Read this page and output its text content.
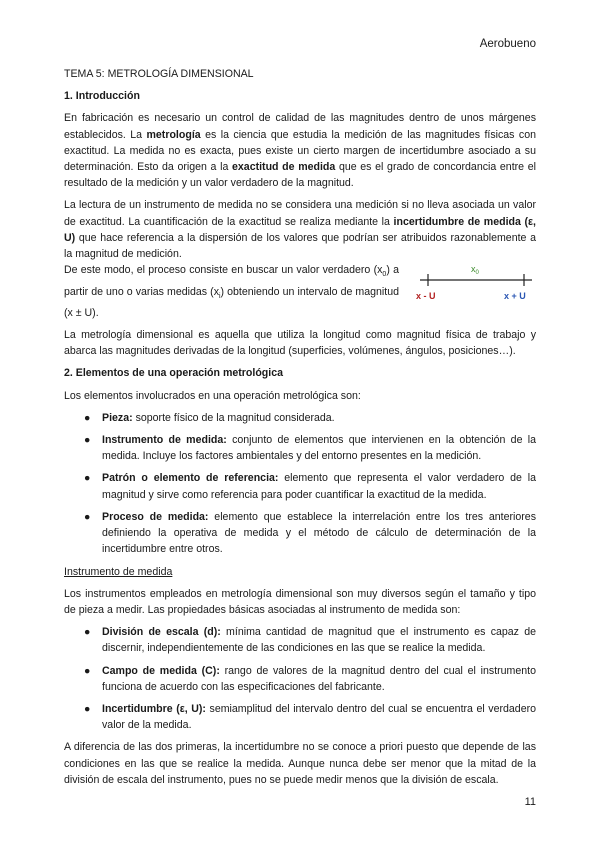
Aerobueno

TEMA 5: METROLOGÍA DIMENSIONAL

1. Introducción

En fabricación es necesario un control de calidad de las magnitudes dentro de unos márgenes establecidos. La metrología es la ciencia que estudia la medición de las magnitudes físicas con exactitud. La medida no es exacta, pues existe un cierto margen de incertidumbre asociado a su determinación. Esto da origen a la exactitud de medida que es el grado de concordancia entre el resultado de la medición y un valor verdadero de la magnitud.

La lectura de un instrumento de medida no se considera una medición si no lleva asociada un valor de exactitud. La cuantificación de la exactitud se realiza mediante la incertidumbre de medida (ε, U) que hace referencia a la dispersión de los valores que podrían ser atribuidos razonablemente a la magnitud de medición.

De este modo, el proceso consiste en buscar un valor verdadero $(x_0)$ a partir de uno o varias medidas $(x_i)$ obteniendo un intervalo de magnitud (x ± U).

$x_0$
x - U	x + U

La metrología dimensional es aquella que utiliza la longitud como magnitud física de trabajo y abarca las magnitudes derivadas de la longitud (superficies, volúmenes, ángulos, posiciones…).

2. Elementos de una operación metrológica

Los elementos involucrados en una operación metrológica son:

● Pieza: soporte físico de la magnitud considerada.
● Instrumento de medida: conjunto de elementos que intervienen en la obtención de la medida. Incluye los factores ambientales y del entorno presentes en la medición.
● Patrón o elemento de referencia: elemento que representa el valor verdadero de la magnitud y sirve como referencia para poder cuantificar la exactitud de la medida.
● Proceso de medida: elemento que establece la interrelación entre los tres anteriores definiendo la operativa de medida y el método de cálculo de determinación de la incertidumbre entre otros.

Instrumento de medida

Los instrumentos empleados en metrología dimensional son muy diversos según el tamaño y tipo de pieza a medir. Las propiedades básicas asociadas al instrumento de medida son:

● División de escala (d): mínima cantidad de magnitud que el instrumento es capaz de discernir, independientemente de las condiciones en las que se realice la medida.
● Campo de medida (C): rango de valores de la magnitud dentro del cual el instrumento funciona de acuerdo con las especificaciones del fabricante.
● Incertidumbre (ε, U): semiamplitud del intervalo dentro del cual se encuentra el verdadero valor de la medida.

A diferencia de las dos primeras, la incertidumbre no se conoce a priori puesto que depende de las condiciones en las que se realice la medida. Aunque nunca debe ser menor que la mitad de la división de escala del instrumento, pues no se puede medir menos que la división de escala.

11
